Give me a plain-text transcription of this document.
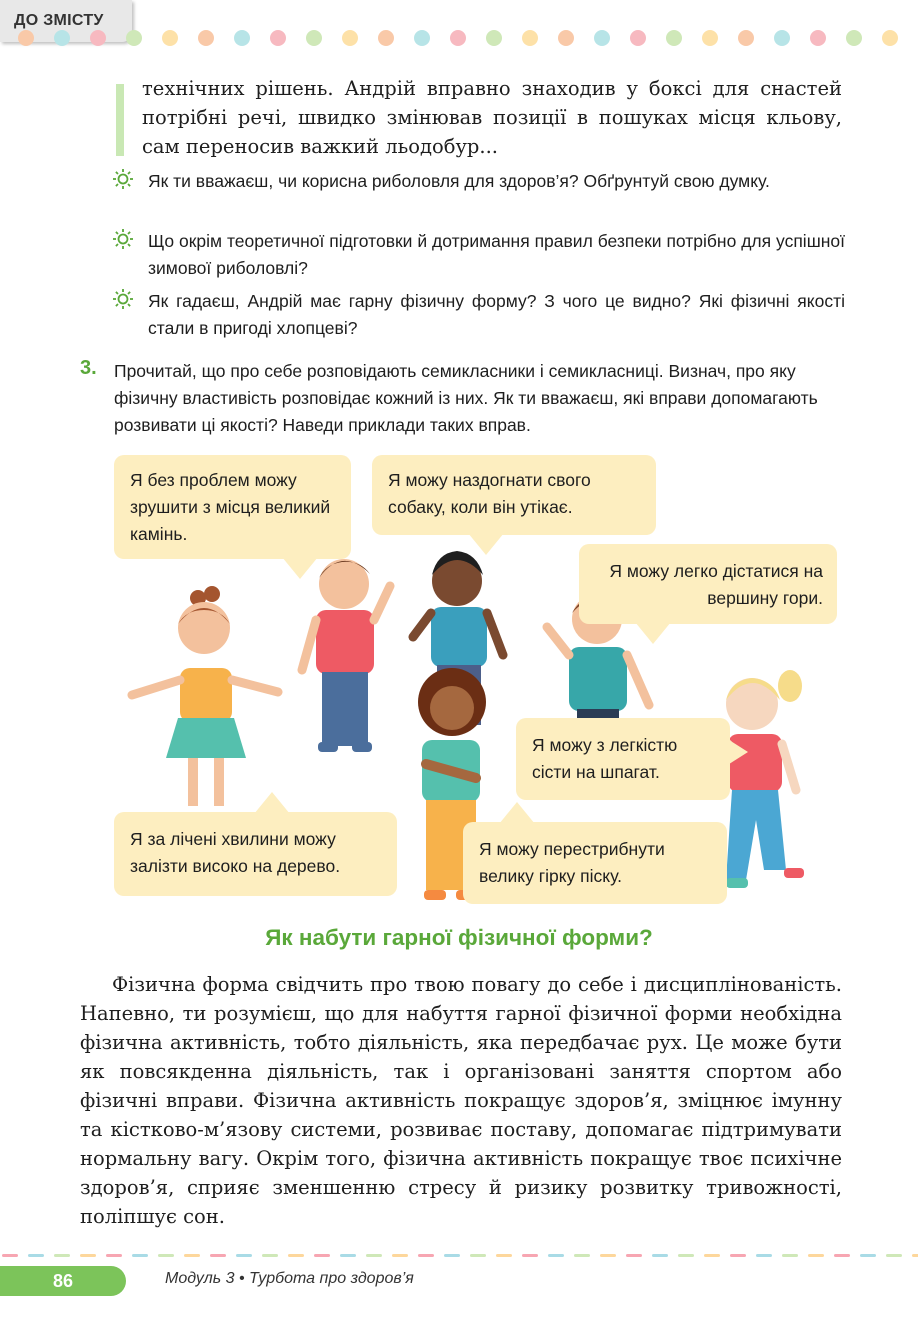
ДО ЗМІСТУ
технічних рішень. Андрій вправно знаходив у боксі для снастей потрібні речі, швидко змінював позиції в пошуках місця кльову, сам переносив важкий льодобур...
Як ти вважаєш, чи корисна риболовля для здоров’я? Обґрунтуй свою думку.
Що окрім теоретичної підготовки й дотримання правил безпеки потрібно для успішної зимової риболовлі?
Як гадаєш, Андрій має гарну фізичну форму? З чого це видно? Які фізичні якості стали в пригоді хлопцеві?
3. Прочитай, що про себе розповідають семикласники і семикласниці. Визнач, про яку фізичну властивість розповідає кожний із них. Як ти вважаєш, які вправи допомагають розвивати ці якості? Наведи приклади таких вправ.
Я без проблем можу зрушити з місця великий камінь.
Я можу наздогнати свого собаку, коли він утікає.
Я можу легко дістатися на вершину гори.
Я можу з легкістю сісти на шпагат.
Я за лічені хвилини можу залізти високо на дерево.
Я можу перестрибнути велику гірку піску.
Як набути гарної фізичної форми?
Фізична форма свідчить про твою повагу до себе і дисциплінованість. Напевно, ти розумієш, що для набуття гарної фізичної форми необхідна фізична активність, тобто діяльність, яка передбачає рух. Це може бути як повсякденна діяльність, так і організовані заняття спортом або фізичні вправи. Фізична активність покращує здоров’я, зміцнює імунну та кістково-м’язову системи, розвиває поставу, допомагає підтримувати нормальну вагу. Окрім того, фізична активність покращує твоє психічне здоров’я, сприяє зменшенню стресу й ризику розвитку тривожності, поліпшує сон.
86	Модуль 3 • Турбота про здоров’я
